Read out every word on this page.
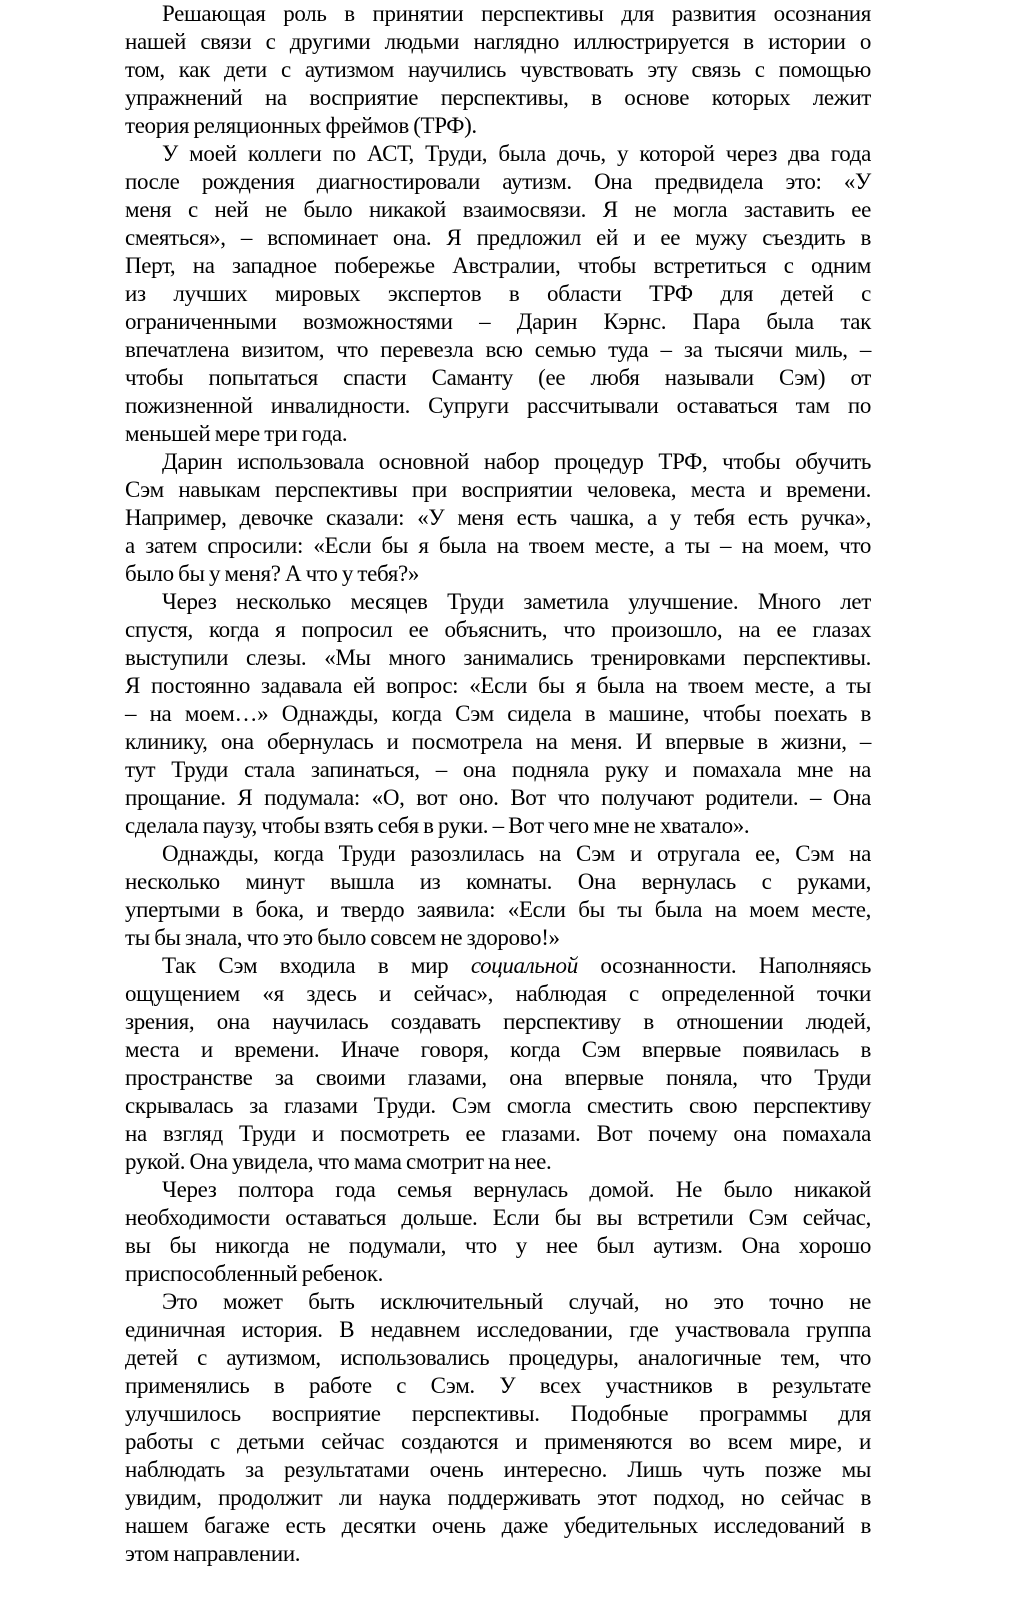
Решающая роль в принятии перспективы для развития осознания
нашей связи с другими людьми наглядно иллюстрируется в истории о
том, как дети с аутизмом научились чувствовать эту связь с помощью
упражнений на восприятие перспективы, в основе которых лежит
теория реляционных фреймов (ТРФ).
У моей коллеги по АСТ, Труди, была дочь, у которой через два года
после рождения диагностировали аутизм. Она предвидела это: «У
меня с ней не было никакой взаимосвязи. Я не могла заставить ее
смеяться», – вспоминает она. Я предложил ей и ее мужу съездить в
Перт, на западное побережье Австралии, чтобы встретиться с одним
из лучших мировых экспертов в области ТРФ для детей с
ограниченными возможностями – Дарин Кэрнс. Пара была так
впечатлена визитом, что перевезла всю семью туда – за тысячи миль, –
чтобы попытаться спасти Саманту (ее любя называли Сэм) от
пожизненной инвалидности. Супруги рассчитывали оставаться там по
меньшей мере три года.
Дарин использовала основной набор процедур ТРФ, чтобы обучить
Сэм навыкам перспективы при восприятии человека, места и времени.
Например, девочке сказали: «У меня есть чашка, а у тебя есть ручка»,
а затем спросили: «Если бы я была на твоем месте, а ты – на моем, что
было бы у меня? А что у тебя?»
Через несколько месяцев Труди заметила улучшение. Много лет
спустя, когда я попросил ее объяснить, что произошло, на ее глазах
выступили слезы. «Мы много занимались тренировками перспективы.
Я постоянно задавала ей вопрос: «Если бы я была на твоем месте, а ты
– на моем…» Однажды, когда Сэм сидела в машине, чтобы поехать в
клинику, она обернулась и посмотрела на меня. И впервые в жизни, –
тут Труди стала запинаться, – она подняла руку и помахала мне на
прощание. Я подумала: «О, вот оно. Вот что получают родители. – Она
сделала паузу, чтобы взять себя в руки. – Вот чего мне не хватало».
Однажды, когда Труди разозлилась на Сэм и отругала ее, Сэм на
несколько минут вышла из комнаты. Она вернулась с руками,
упертыми в бока, и твердо заявила: «Если бы ты была на моем месте,
ты бы знала, что это было совсем не здорово!»
Так Сэм входила в мир социальной осознанности. Наполняясь
ощущением «я здесь и сейчас», наблюдая с определенной точки
зрения, она научилась создавать перспективу в отношении людей,
места и времени. Иначе говоря, когда Сэм впервые появилась в
пространстве за своими глазами, она впервые поняла, что Труди
скрывалась за глазами Труди. Сэм смогла сместить свою перспективу
на взгляд Труди и посмотреть ее глазами. Вот почему она помахала
рукой. Она увидела, что мама смотрит на нее.
Через полтора года семья вернулась домой. Не было никакой
необходимости оставаться дольше. Если бы вы встретили Сэм сейчас,
вы бы никогда не подумали, что у нее был аутизм. Она хорошо
приспособленный ребенок.
Это может быть исключительный случай, но это точно не
единичная история. В недавнем исследовании, где участвовала группа
детей с аутизмом, использовались процедуры, аналогичные тем, что
применялись в работе с Сэм. У всех участников в результате
улучшилось восприятие перспективы. Подобные программы для
работы с детьми сейчас создаются и применяются во всем мире, и
наблюдать за результатами очень интересно. Лишь чуть позже мы
увидим, продолжит ли наука поддерживать этот подход, но сейчас в
нашем багаже есть десятки очень даже убедительных исследований в
этом направлении.
